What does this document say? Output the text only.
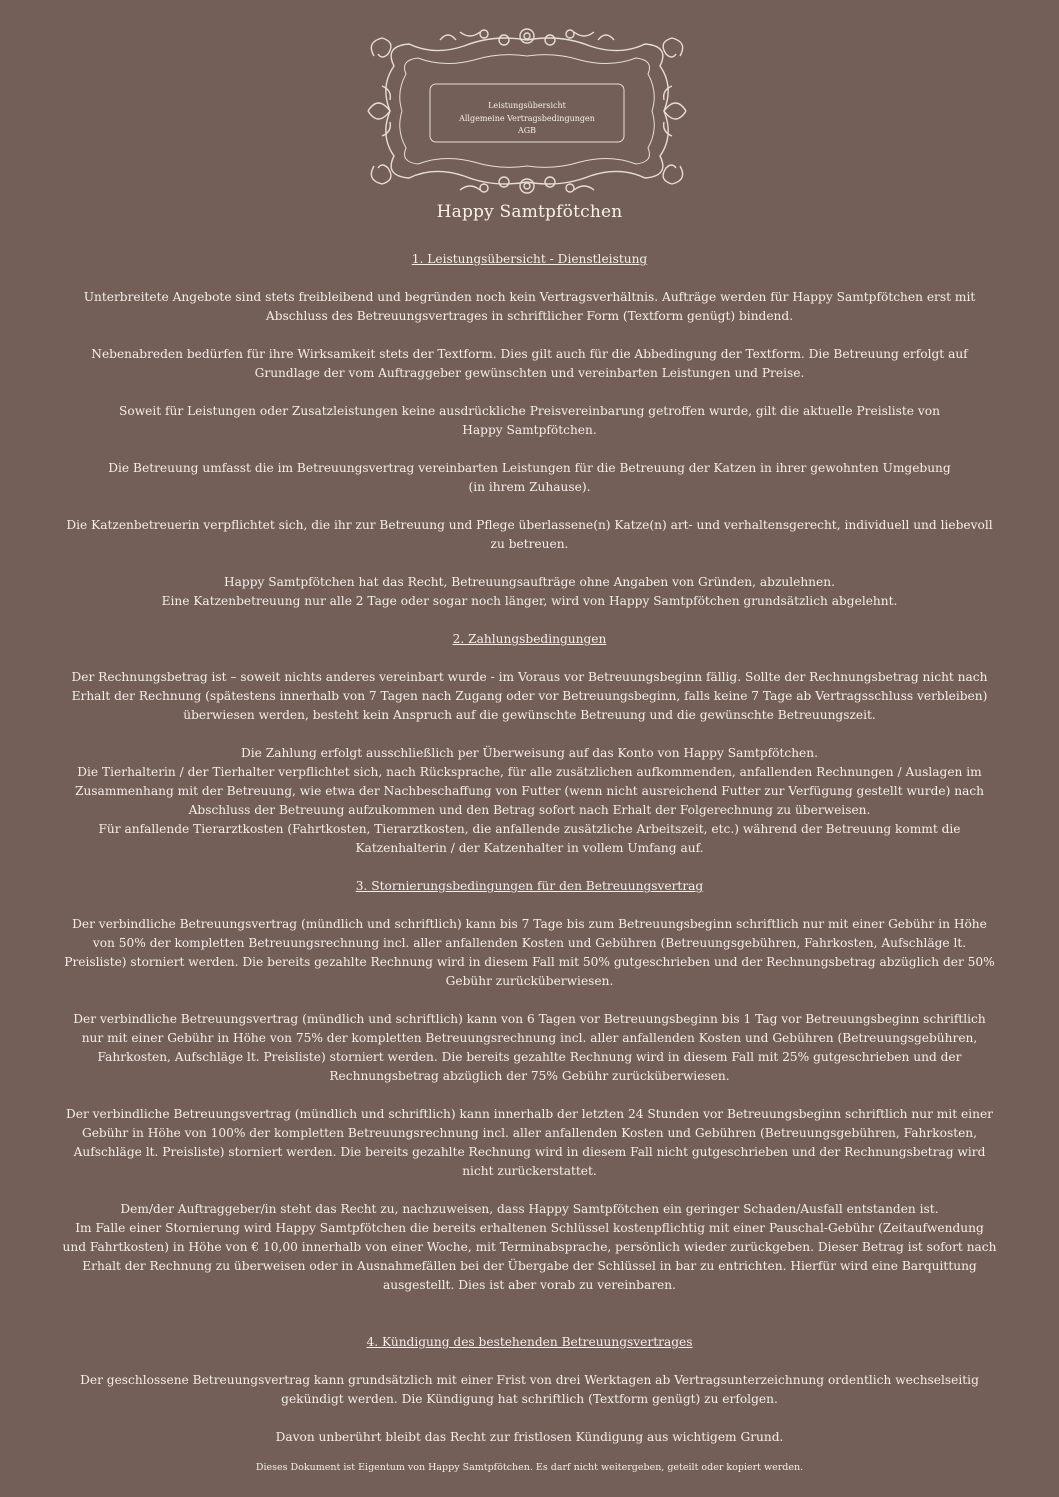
Leistungsübersicht
Allgemeine Vertragsbedingungen
AGB
Happy Samtpfötchen

1. Leistungsübersicht - Dienstleistung

Unterbreitete Angebote sind stets freibleibend und begründen noch kein Vertragsverhältnis. Aufträge werden für Happy Samtpfötchen erst mit
Abschluss des Betreuungsvertrages in schriftlicher Form (Textform genügt) bindend.

Nebenabreden bedürfen für ihre Wirksamkeit stets der Textform. Dies gilt auch für die Abbedingung der Textform. Die Betreuung erfolgt auf
Grundlage der vom Auftraggeber gewünschten und vereinbarten Leistungen und Preise.

Soweit für Leistungen oder Zusatzleistungen keine ausdrückliche Preisvereinbarung getroffen wurde, gilt die aktuelle Preisliste von
Happy Samtpfötchen.

Die Betreuung umfasst die im Betreuungsvertrag vereinbarten Leistungen für die Betreuung der Katzen in ihrer gewohnten Umgebung
(in ihrem Zuhause).

Die Katzenbetreuerin verpflichtet sich, die ihr zur Betreuung und Pflege überlassene(n) Katze(n) art- und verhaltensgerecht, individuell und liebevoll
zu betreuen.

Happy Samtpfötchen hat das Recht, Betreuungsaufträge ohne Angaben von Gründen, abzulehnen.
Eine Katzenbetreuung nur alle 2 Tage oder sogar noch länger, wird von Happy Samtpfötchen grundsätzlich abgelehnt.

2. Zahlungsbedingungen

Der Rechnungsbetrag ist – soweit nichts anderes vereinbart wurde - im Voraus vor Betreuungsbeginn fällig. Sollte der Rechnungsbetrag nicht nach
Erhalt der Rechnung (spätestens innerhalb von 7 Tagen nach Zugang oder vor Betreuungsbeginn, falls keine 7 Tage ab Vertragsschluss verbleiben)
überwiesen werden, besteht kein Anspruch auf die gewünschte Betreuung und die gewünschte Betreuungszeit.

Die Zahlung erfolgt ausschließlich per Überweisung auf das Konto von Happy Samtpfötchen.
Die Tierhalterin / der Tierhalter verpflichtet sich, nach Rücksprache, für alle zusätzlichen aufkommenden, anfallenden Rechnungen / Auslagen im
Zusammenhang mit der Betreuung, wie etwa der Nachbeschaffung von Futter (wenn nicht ausreichend Futter zur Verfügung gestellt wurde) nach
Abschluss der Betreuung aufzukommen und den Betrag sofort nach Erhalt der Folgerechnung zu überweisen.
Für anfallende Tierarztkosten (Fahrtkosten, Tierarztkosten, die anfallende zusätzliche Arbeitszeit, etc.) während der Betreuung kommt die
Katzenhalterin / der Katzenhalter in vollem Umfang auf.

3. Stornierungsbedingungen für den Betreuungsvertrag

Der verbindliche Betreuungsvertrag (mündlich und schriftlich) kann bis 7 Tage bis zum Betreuungsbeginn schriftlich nur mit einer Gebühr in Höhe
von 50% der kompletten Betreuungsrechnung incl. aller anfallenden Kosten und Gebühren (Betreuungsgebühren, Fahrkosten, Aufschläge lt.
Preisliste) storniert werden. Die bereits gezahlte Rechnung wird in diesem Fall mit 50% gutgeschrieben und der Rechnungsbetrag abzüglich der 50%
Gebühr zurücküberwiesen.

Der verbindliche Betreuungsvertrag (mündlich und schriftlich) kann von 6 Tagen vor Betreuungsbeginn bis 1 Tag vor Betreuungsbeginn schriftlich
nur mit einer Gebühr in Höhe von 75% der kompletten Betreuungsrechnung incl. aller anfallenden Kosten und Gebühren (Betreuungsgebühren,
Fahrkosten, Aufschläge lt. Preisliste) storniert werden. Die bereits gezahlte Rechnung wird in diesem Fall mit 25% gutgeschrieben und der
Rechnungsbetrag abzüglich der 75% Gebühr zurücküberwiesen.

Der verbindliche Betreuungsvertrag (mündlich und schriftlich) kann innerhalb der letzten 24 Stunden vor Betreuungsbeginn schriftlich nur mit einer
Gebühr in Höhe von 100% der kompletten Betreuungsrechnung incl. aller anfallenden Kosten und Gebühren (Betreuungsgebühren, Fahrkosten,
Aufschläge lt. Preisliste) storniert werden. Die bereits gezahlte Rechnung wird in diesem Fall nicht gutgeschrieben und der Rechnungsbetrag wird
nicht zurückerstattet.

Dem/der Auftraggeber/in steht das Recht zu, nachzuweisen, dass Happy Samtpfötchen ein geringer Schaden/Ausfall entstanden ist.
Im Falle einer Stornierung wird Happy Samtpfötchen die bereits erhaltenen Schlüssel kostenpflichtig mit einer Pauschal-Gebühr (Zeitaufwendung
und Fahrtkosten) in Höhe von € 10,00 innerhalb von einer Woche, mit Terminabsprache, persönlich wieder zurückgeben. Dieser Betrag ist sofort nach
Erhalt der Rechnung zu überweisen oder in Ausnahmefällen bei der Übergabe der Schlüssel in bar zu entrichten. Hierfür wird eine Barquittung
ausgestellt. Dies ist aber vorab zu vereinbaren.

4. Kündigung des bestehenden Betreuungsvertrages

Der geschlossene Betreuungsvertrag kann grundsätzlich mit einer Frist von drei Werktagen ab Vertragsunterzeichnung ordentlich wechselseitig
gekündigt werden. Die Kündigung hat schriftlich (Textform genügt) zu erfolgen.

Davon unberührt bleibt das Recht zur fristlosen Kündigung aus wichtigem Grund.

Dieses Dokument ist Eigentum von Happy Samtpfötchen. Es darf nicht weitergeben, geteilt oder kopiert werden.
